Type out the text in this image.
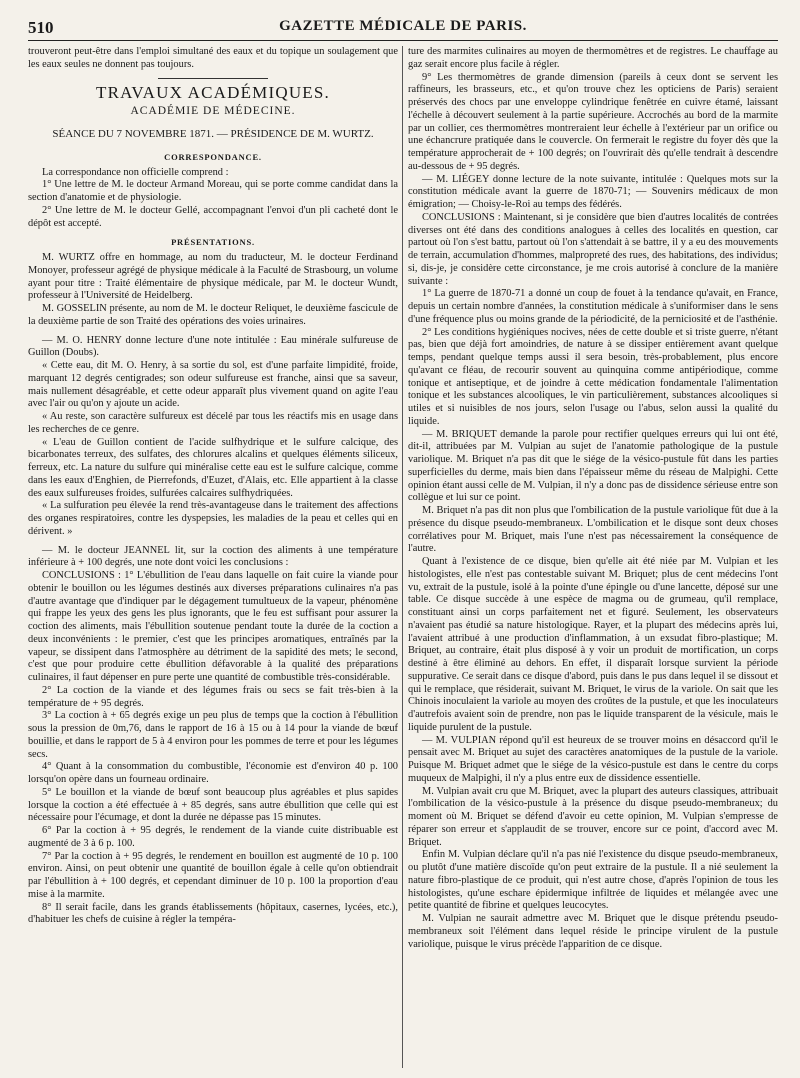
510	GAZETTE MÉDICALE DE PARIS.

trouveront peut-être dans l'emploi simultané des eaux et du topique un soulagement que les eaux seules ne donnent pas toujours.

TRAVAUX ACADÉMIQUES.
ACADÉMIE DE MÉDECINE.
SÉANCE DU 7 NOVEMBRE 1871. — PRÉSIDENCE DE M. WURTZ.
CORRESPONDANCE.

La correspondance non officielle comprend :

1° Une lettre de M. le docteur Armand Moreau, qui se porte comme candidat dans la section d'anatomie et de physiologie.

2° Une lettre de M. le docteur Gellé, accompagnant l'envoi d'un pli cacheté dont le dépôt est accepté.

PRÉSENTATIONS.

M. WURTZ offre en hommage, au nom du traducteur, M. le docteur Ferdinand Monoyer, professeur agrégé de physique médicale à la Faculté de Strasbourg, un volume ayant pour titre : Traité élémentaire de physique médicale, par M. le docteur Wundt, professeur à l'Université de Heidelberg.

M. GOSSELIN présente, au nom de M. le docteur Reliquet, le deuxième fascicule de la deuxième partie de son Traité des opérations des voies urinaires.

— M. O. HENRY donne lecture d'une note intitulée : Eau minérale sulfureuse de Guillon (Doubs).

« Cette eau, dit M. O. Henry, à sa sortie du sol, est d'une parfaite limpidité, froide, marquant 12 degrés centigrades; son odeur sulfureuse est franche, ainsi que sa saveur, mais nullement désagréable, et cette odeur apparaît plus vivement quand on agite l'eau avec l'air ou qu'on y ajoute un acide.

« Au reste, son caractère sulfureux est décelé par tous les réactifs mis en usage dans les recherches de ce genre.

« L'eau de Guillon contient de l'acide sulfhydrique et le sulfure calcique, des bicarbonates terreux, des sulfates, des chlorures alcalins et quelques éléments siliceux, ferreux, etc. La nature du sulfure qui minéralise cette eau est le sulfure calcique, comme dans les eaux d'Enghien, de Pierrefonds, d'Euzet, d'Alais, etc. Elle appartient à la classe des eaux sulfureuses froides, sulfurées calcaires sulfhydriquées.

« La sulfuration peu élevée la rend très-avantageuse dans le traitement des affections des organes respiratoires, contre les dyspepsies, les maladies de la peau et celles qui en dérivent. »

— M. le docteur JEANNEL lit, sur la coction des aliments à une température inférieure à + 100 degrés, une note dont voici les conclusions :

CONCLUSIONS : 1° L'ébullition de l'eau dans laquelle on fait cuire la viande pour obtenir le bouillon ou les légumes destinés aux diverses préparations culinaires n'a pas d'autre avantage que d'indiquer par le dégagement tumultueux de la vapeur, phénomène qui frappe les yeux des gens les plus ignorants, que le feu est suffisant pour assurer la coction des aliments, mais l'ébullition soutenue pendant toute la durée de la coction a deux inconvénients : le premier, c'est que les principes aromatiques, entraînés par la vapeur, se dissipent dans l'atmosphère au détriment de la sapidité des mets; le second, c'est que pour produire cette ébullition défavorable à la qualité des préparations culinaires, il faut dépenser en pure perte une quantité de combustible très-considérable.

2° La coction de la viande et des légumes frais ou secs se fait très-bien à la température de + 95 degrés.

3° La coction à + 65 degrés exige un peu plus de temps que la coction à l'ébullition sous la pression de 0m,76, dans le rapport de 16 à 15 ou à 14 pour la viande de bœuf bouillie, et dans le rapport de 5 à 4 environ pour les pommes de terre et pour les légumes secs.

4° Quant à la consommation du combustible, l'économie est d'environ 40 p. 100 lorsqu'on opère dans un fourneau ordinaire.

5° Le bouillon et la viande de bœuf sont beaucoup plus agréables et plus sapides lorsque la coction a été effectuée à + 85 degrés, sans autre ébullition que celle qui est nécessaire pour l'écumage, et dont la durée ne dépasse pas 15 minutes.

6° Par la coction à + 95 degrés, le rendement de la viande cuite distribuable est augmenté de 3 à 6 p. 100.

7° Par la coction à + 95 degrés, le rendement en bouillon est augmenté de 10 p. 100 environ. Ainsi, on peut obtenir une quantité de bouillon égale à celle qu'on obtiendrait par l'ébullition à + 100 degrés, et cependant diminuer de 10 p. 100 la proportion d'eau mise à la marmite.

8° Il serait facile, dans les grands établissements (hôpitaux, casernes, lycées, etc.), d'habituer les chefs de cuisine à régler la tempéra-

ture des marmites culinaires au moyen de thermomètres et de registres. Le chauffage au gaz serait encore plus facile à régler.

9° Les thermomètres de grande dimension (pareils à ceux dont se servent les raffineurs, les brasseurs, etc., et qu'on trouve chez les opticiens de Paris) seraient préservés des chocs par une enveloppe cylindrique fenêtrée en cuivre étamé, laissant l'échelle à découvert seulement à la partie supérieure. Accrochés au bord de la marmite par un collier, ces thermomètres montreraient leur échelle à l'extérieur par un orifice ou une échancrure pratiquée dans le couvercle. On fermerait le registre du foyer dès que la température approcherait de + 100 degrés; on l'ouvrirait dès qu'elle tendrait à descendre au-dessous de + 95 degrés.

— M. LIÉGEY donne lecture de la note suivante, intitulée : Quelques mots sur la constitution médicale avant la guerre de 1870-71; — Souvenirs médicaux de mon émigration; — Choisy-le-Roi au temps des fédérés.

CONCLUSIONS : Maintenant, si je considère que bien d'autres localités de contrées diverses ont été dans des conditions analogues à celles des localités en question, car partout où l'on s'est battu, partout où l'on s'attendait à se battre, il y a eu des mouvements de terrain, accumulation d'hommes, malpropreté des rues, des habitations, des individus; si, dis-je, je considère cette circonstance, je me crois autorisé à conclure de la manière suivante :

1° La guerre de 1870-71 a donné un coup de fouet à la tendance qu'avait, en France, depuis un certain nombre d'années, la constitution médicale à s'uniformiser dans le sens d'une fréquence plus ou moins grande de la périodicité, de la perniciosité et de l'asthénie.

2° Les conditions hygiéniques nocives, nées de cette double et si triste guerre, n'étant pas, bien que déjà fort amoindries, de nature à se dissiper entièrement avant quelque temps, pendant quelque temps aussi il sera besoin, très-probablement, plus encore qu'avant ce fléau, de recourir souvent au quinquina comme antipériodique, comme tonique et antiseptique, et de joindre à cette médication fondamentale l'alimentation tonique et les substances alcooliques, le vin particulièrement, substances alcooliques si utiles et si nuisibles de nos jours, selon l'usage ou l'abus, selon aussi la qualité du liquide.

— M. BRIQUET demande la parole pour rectifier quelques erreurs qui lui ont été, dit-il, attribuées par M. Vulpian au sujet de l'anatomie pathologique de la pustule variolique. M. Briquet n'a pas dit que le siége de la vésico-pustule fût dans les parties superficielles du derme, mais bien dans l'épaisseur même du réseau de Malpighi. Cette opinion étant aussi celle de M. Vulpian, il n'y a donc pas de dissidence sérieuse entre son collègue et lui sur ce point.

M. Briquet n'a pas dit non plus que l'ombilication de la pustule variolique fût due à la présence du disque pseudo-membraneux. L'ombilication et le disque sont deux choses corrélatives pour M. Briquet, mais l'une n'est pas nécessairement la conséquence de l'autre.

Quant à l'existence de ce disque, bien qu'elle ait été niée par M. Vulpian et les histologistes, elle n'est pas contestable suivant M. Briquet; plus de cent médecins l'ont vu, extrait de la pustule, isolé à la pointe d'une épingle ou d'une lancette, déposé sur une table. Ce disque succède à une espèce de magma ou de grumeau, qu'il remplace, constituant ainsi un corps parfaitement net et figuré. Seulement, les observateurs n'avaient pas étudié sa nature histologique. Rayer, et la plupart des médecins après lui, l'avaient attribué à une production d'inflammation, à un exsudat fibro-plastique; M. Briquet, au contraire, était plus disposé à y voir un produit de mortification, un corps destiné à être éliminé au dehors. En effet, il disparaît lorsque survient la période suppurative. Ce serait dans ce disque d'abord, puis dans le pus dans lequel il se dissout et qui le remplace, que résiderait, suivant M. Briquet, le virus de la variole. On sait que les Chinois inoculaient la variole au moyen des croûtes de la pustule, et que les inoculateurs d'autrefois avaient soin de prendre, non pas le liquide transparent de la vésicule, mais le liquide purulent de la pustule.

— M. VULPIAN répond qu'il est heureux de se trouver moins en désaccord qu'il le pensait avec M. Briquet au sujet des caractères anatomiques de la pustule de la variole. Puisque M. Briquet admet que le siége de la vésico-pustule est dans le centre du corps muqueux de Malpighi, il n'y a plus entre eux de dissidence essentielle.

M. Vulpian avait cru que M. Briquet, avec la plupart des auteurs classiques, attribuait l'ombilication de la vésico-pustule à la présence du disque pseudo-membraneux; du moment où M. Briquet se défend d'avoir eu cette opinion, M. Vulpian s'empresse de réparer son erreur et s'applaudit de se trouver, encore sur ce point, d'accord avec M. Briquet.

Enfin M. Vulpian déclare qu'il n'a pas nié l'existence du disque pseudo-membraneux, ou plutôt d'une matière discoïde qu'on peut extraire de la pustule. Il a nié seulement la nature fibro-plastique de ce produit, qui n'est autre chose, d'après l'opinion de tous les histologistes, qu'une eschare épidermique infiltrée de liquides et mélangée avec une petite quantité de fibrine et quelques leucocytes.

M. Vulpian ne saurait admettre avec M. Briquet que le disque prétendu pseudo-membraneux soit l'élément dans lequel réside le principe virulent de la pustule variolique, puisque le virus précède l'apparition de ce disque.
